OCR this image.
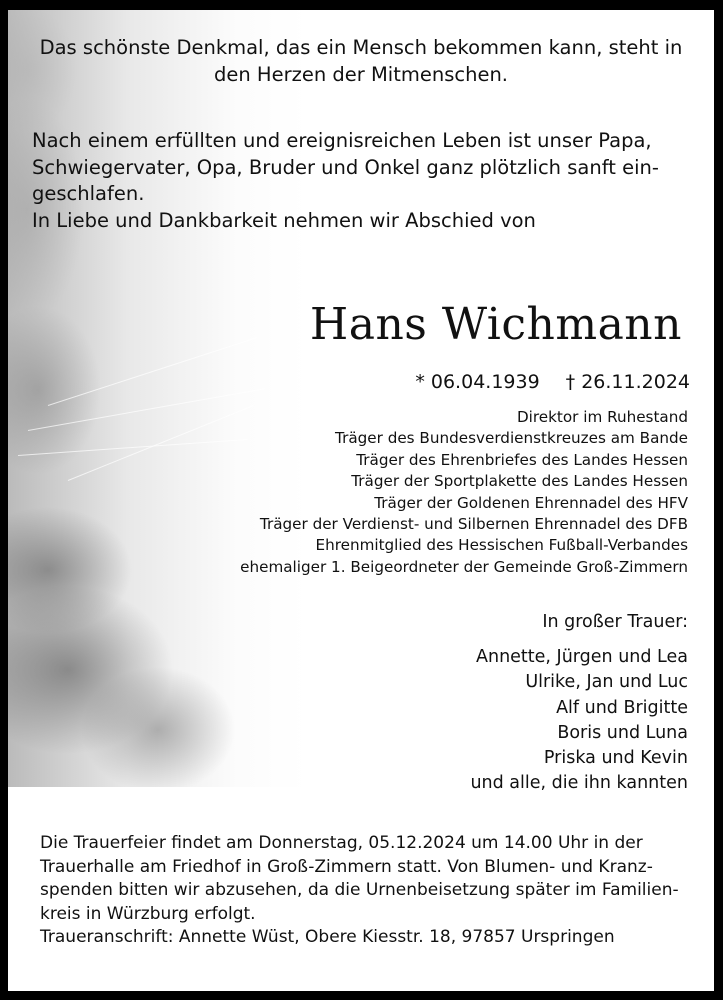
Das schönste Denkmal, das ein Mensch bekommen kann, steht in
den Herzen der Mitmenschen.
Nach einem erfüllten und ereignisreichen Leben ist unser Papa,
Schwiegervater, Opa, Bruder und Onkel ganz plötzlich sanft ein-
geschlafen.
In Liebe und Dankbarkeit nehmen wir Abschied von
Hans Wichmann
* 06.04.1939 † 26.11.2024
Direktor im Ruhestand
Träger des Bundesverdienstkreuzes am Bande
Träger des Ehrenbriefes des Landes Hessen
Träger der Sportplakette des Landes Hessen
Träger der Goldenen Ehrennadel des HFV
Träger der Verdienst- und Silbernen Ehrennadel des DFB
Ehrenmitglied des Hessischen Fußball-Verbandes
ehemaliger 1. Beigeordneter der Gemeinde Groß-Zimmern
In großer Trauer:
Annette, Jürgen und Lea
Ulrike, Jan und Luc
Alf und Brigitte
Boris und Luna
Priska und Kevin
und alle, die ihn kannten
Die Trauerfeier findet am Donnerstag, 05.12.2024 um 14.00 Uhr in der
Trauerhalle am Friedhof in Groß-Zimmern statt. Von Blumen- und Kranz-
spenden bitten wir abzusehen, da die Urnenbeisetzung später im Familien-
kreis in Würzburg erfolgt.
Traueranschrift: Annette Wüst, Obere Kiesstr. 18, 97857 Urspringen
